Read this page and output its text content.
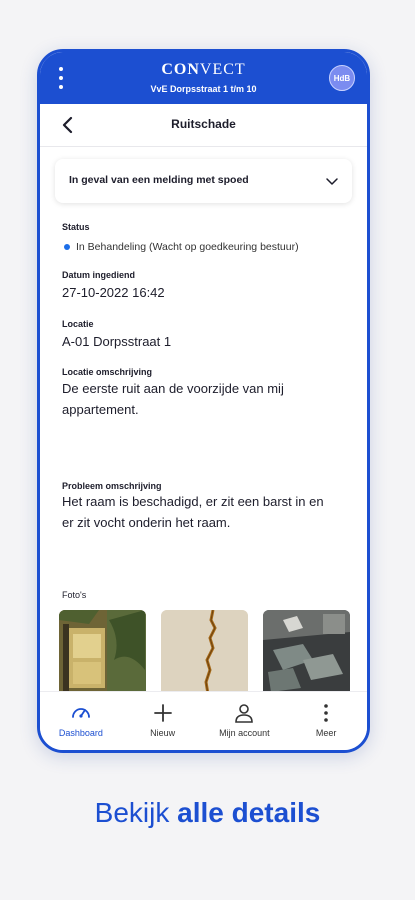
CONVECT
VvE Dorpsstraat 1 t/m 10
HdB
Ruitschade
In geval van een melding met spoed
Status
In Behandeling (Wacht op goedkeuring bestuur)
Datum ingediend
27-10-2022 16:42
Locatie
A-01 Dorpsstraat 1
Locatie omschrijving
De eerste ruit aan de voorzijde van mij appartement.
Probleem omschrijving
Het raam is beschadigd, er zit een barst in en er zit vocht onderin het raam.
Foto's
Dashboard	Nieuw	Mijn account	Meer
Bekijk alle details
